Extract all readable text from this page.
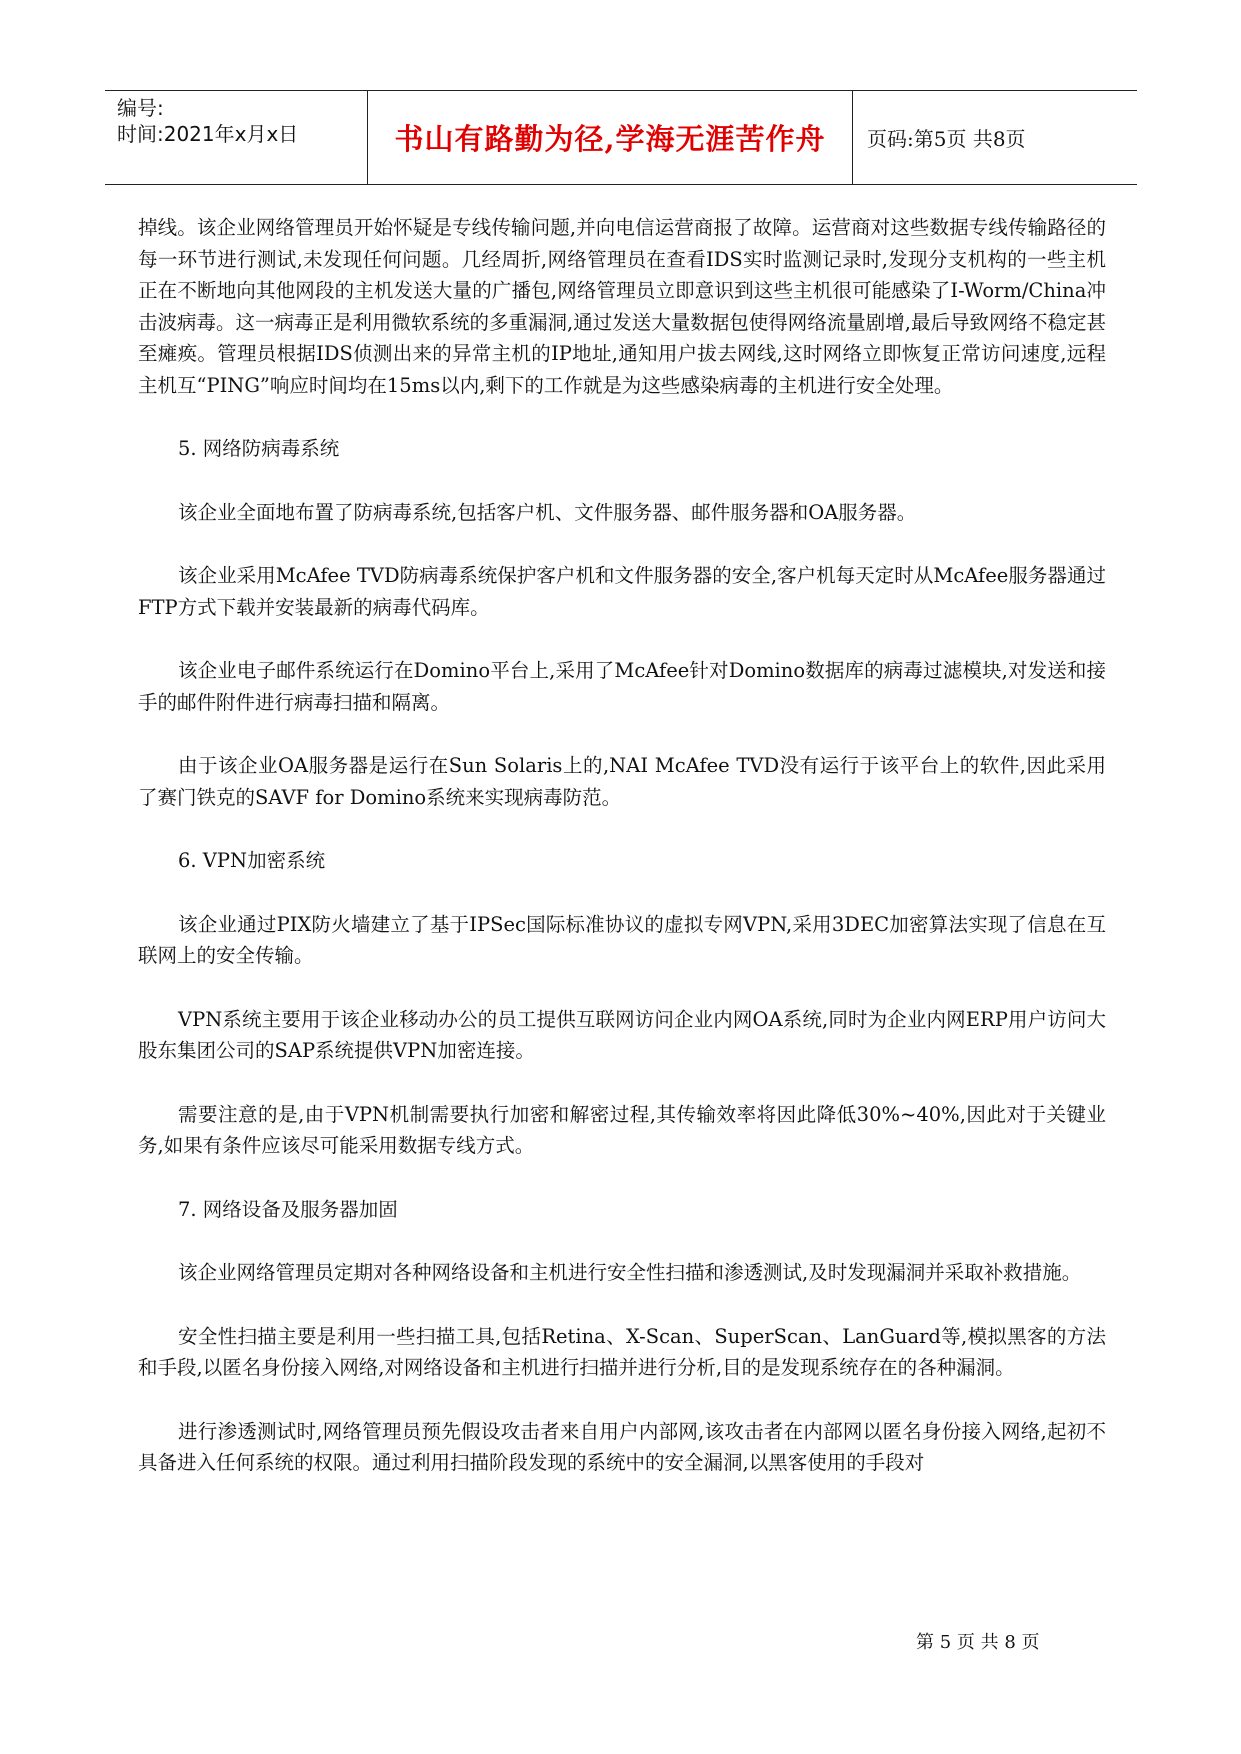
编号:
时间:2021年x月x日	书山有路勤为径,学海无涯苦作舟	页码:第5页 共8页

掉线。该企业网络管理员开始怀疑是专线传输问题,并向电信运营商报了故障。运营商对这些数据专线传输路径的每一环节进行测试,未发现任何问题。几经周折,网络管理员在查看IDS实时监测记录时,发现分支机构的一些主机正在不断地向其他网段的主机发送大量的广播包,网络管理员立即意识到这些主机很可能感染了I-Worm/China冲击波病毒。这一病毒正是利用微软系统的多重漏洞,通过发送大量数据包使得网络流量剧增,最后导致网络不稳定甚至瘫痪。管理员根据IDS侦测出来的异常主机的IP地址,通知用户拔去网线,这时网络立即恢复正常访问速度,远程主机互“PING”响应时间均在15ms以内,剩下的工作就是为这些感染病毒的主机进行安全处理。

5. 网络防病毒系统

该企业全面地布置了防病毒系统,包括客户机、文件服务器、邮件服务器和OA服务器。

该企业采用McAfee TVD防病毒系统保护客户机和文件服务器的安全,客户机每天定时从McAfee服务器通过FTP方式下载并安装最新的病毒代码库。

该企业电子邮件系统运行在Domino平台上,采用了McAfee针对Domino数据库的病毒过滤模块,对发送和接手的邮件附件进行病毒扫描和隔离。

由于该企业OA服务器是运行在Sun Solaris上的,NAI McAfee TVD没有运行于该平台上的软件,因此采用了赛门铁克的SAVF for Domino系统来实现病毒防范。

6. VPN加密系统

该企业通过PIX防火墙建立了基于IPSec国际标准协议的虚拟专网VPN,采用3DEC加密算法实现了信息在互联网上的安全传输。

VPN系统主要用于该企业移动办公的员工提供互联网访问企业内网OA系统,同时为企业内网ERP用户访问大股东集团公司的SAP系统提供VPN加密连接。

需要注意的是,由于VPN机制需要执行加密和解密过程,其传输效率将因此降低30%~40%,因此对于关键业务,如果有条件应该尽可能采用数据专线方式。

7. 网络设备及服务器加固

该企业网络管理员定期对各种网络设备和主机进行安全性扫描和渗透测试,及时发现漏洞并采取补救措施。

安全性扫描主要是利用一些扫描工具,包括Retina、X-Scan、SuperScan、LanGuard等,模拟黑客的方法和手段,以匿名身份接入网络,对网络设备和主机进行扫描并进行分析,目的是发现系统存在的各种漏洞。

进行渗透测试时,网络管理员预先假设攻击者来自用户内部网,该攻击者在内部网以匿名身份接入网络,起初不具备进入任何系统的权限。通过利用扫描阶段发现的系统中的安全漏洞,以黑客使用的手段对

第 5 页 共 8 页
